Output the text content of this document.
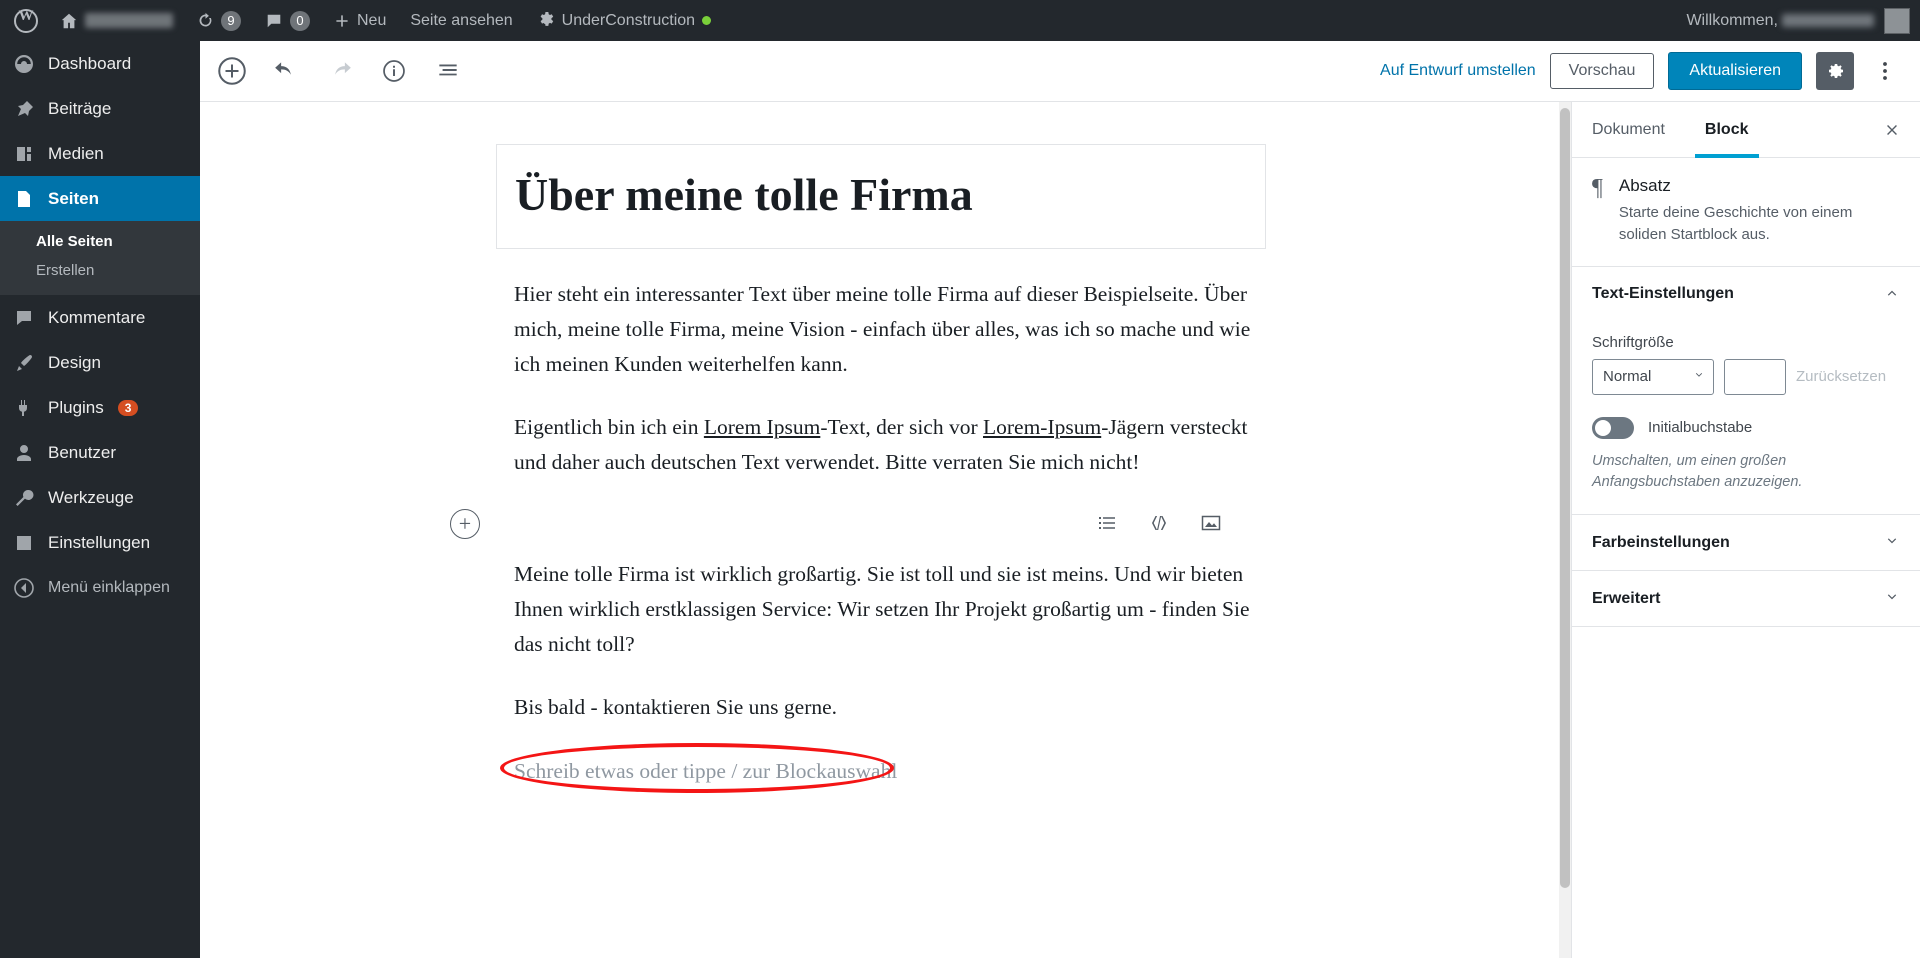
W
9	0	Neu Seite ansehen	UnderConstruction	Willkommen,
Dashboard
Beiträge
Medien
Seiten
Alle Seiten
Erstellen
Kommentare
Design
Plugins	3
Benutzer
Werkzeuge
Einstellungen
Menü einklappen
Auf Entwurf umstellen	Vorschau	Aktualisieren
Über meine tolle Firma
Hier steht ein interessanter Text über meine tolle Firma auf dieser Beispielseite. Über mich, meine tolle Firma, meine Vision - einfach über alles, was ich so mache und wie ich meinen Kunden weiterhelfen kann.
Eigentlich bin ich ein Lorem Ipsum-Text, der sich vor Lorem-Ipsum-Jägern versteckt und daher auch deutschen Text verwendet. Bitte verraten Sie mich nicht!
+
Meine tolle Firma ist wirklich großartig. Sie ist toll und sie ist meins. Und wir bieten Ihnen wirklich erstklassigen Service: Wir setzen Ihr Projekt großartig um - finden Sie das nicht toll?
Bis bald - kontaktieren Sie uns gerne.
Schreib etwas oder tippe / zur Blockauswahl
Dokument	Block
¶ Absatz
Starte deine Geschichte von einem soliden Startblock aus.
Text-Einstellungen
Schriftgröße
Normal	Zurücksetzen
Initialbuchstabe
Umschalten, um einen großen Anfangsbuchstaben anzuzeigen.
Farbeinstellungen
Erweitert
